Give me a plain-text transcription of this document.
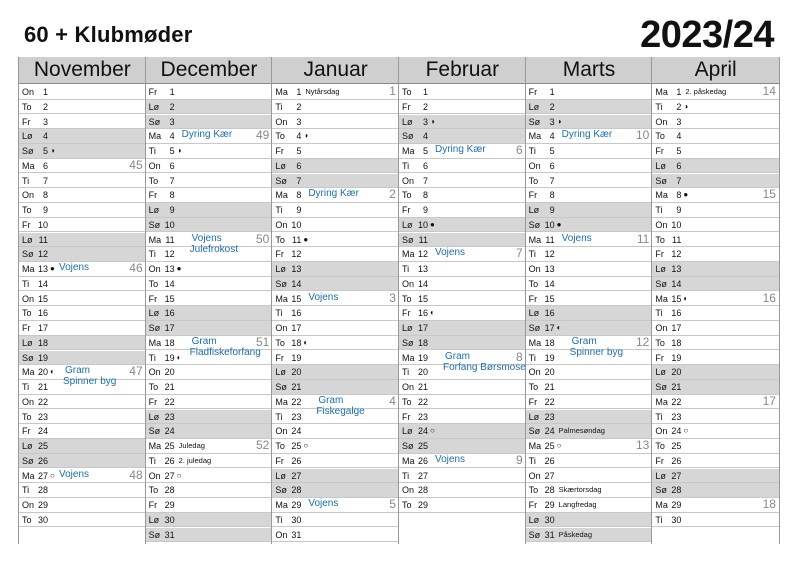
60 + Klubmøder	2023/24
November
On 1
To	2
Fr	3
Lø	4
Sø	5 ◑
Ma 6	45
Ti	7
On 8
To	9
Fr 10
Lø 11
Sø 12
Ma 13 ●	46
Vojens
Ti 14
On 15
To 16
Fr 17
Lø 18
Sø 19
Ma 20 ◐	47
Gram
Spinner byg
Ti 21
On 22
To 23
Fr 24
Lø 25
Sø 26
Ma 27 ○	48
Vojens
Ti 28
On 29
To 30
December
Fr	1
Lø	2
Sø	3
Ma 4	49
Dyring Kær
Ti	5 ◑
On 6
To	7
Fr	8
Lø	9
Sø 10
Ma 11	50
Vojens
Julefrokost
Ti 12
On 13 ●
To 14
Fr 15
Lø 16
Sø 17
Ma 18	51
Gram
Fladfiskeforfang
Ti 19 ◐
On 20
To 21
Fr 22
Lø 23
Sø 24
Ma 25 Juledag	52
Ti 26 2. juledag
On 27 ○
To 28
Fr 29
Lø 30
Sø 31
Januar
Ma 1 Nytårsdag	1
Ti	2
On 3
To	4 ◑
Fr	5
Lø	6
Sø	7
Ma 8	2
Dyring Kær
Ti	9
On 10
To 11 ●
Fr 12
Lø 13
Sø 14
Ma 15	3
Vojens
Ti 16
On 17
To 18 ◐
Fr 19
Lø 20
Sø 21
Ma 22	4
Gram
Fiskegalge
Ti 23
On 24
To 25 ○
Fr 26
Lø 27
Sø 28
Ma 29	5
Vojens
Ti 30
On 31
Februar
To	1
Fr	2
Lø	3 ◑
Sø	4
Ma 5	6
Dyring Kær
Ti	6
On 7
To	8
Fr	9
Lø 10 ●
Sø 11
Ma 12	7
Vojens
Ti 13
On 14
To 15
Fr 16 ◐
Lø 17
Sø 18
Ma 19	8
Gram
Forfang Børsmose
Ti 20
On 21
To 22
Fr 23
Lø 24 ○
Sø 25
Ma 26	9
Vojens
Ti 27
On 28
To 29
Marts
Fr	1
Lø	2
Sø	3 ◑
Ma 4	10
Dyring Kær
Ti	5
On 6
To	7
Fr	8
Lø	9
Sø 10 ●
Ma 11	11
Vojens
Ti 12
On 13
To 14
Fr 15
Lø 16
Sø 17 ◐
Ma 18	12
Gram
Spinner byg
Ti 19
On 20
To 21
Fr 22
Lø 23
Sø 24 Palmesøndag
Ma 25 ○	13
Ti 26
On 27
To 28 Skærtorsdag
Fr 29 Langfredag
Lø 30
Sø 31 Påskedag
April
Ma 1 2. påskedag	14
Ti	2 ◑
On 3
To	4
Fr	5
Lø	6
Sø	7
Ma 8 ●	15
Ti	9
On 10
To 11
Fr 12
Lø 13
Sø 14
Ma 15 ◐	16
Ti 16
On 17
To 18
Fr 19
Lø 20
Sø 21
Ma 22	17
Ti 23
On 24 ○
To 25
Fr 26
Lø 27
Sø 28
Ma 29	18
Ti 30
